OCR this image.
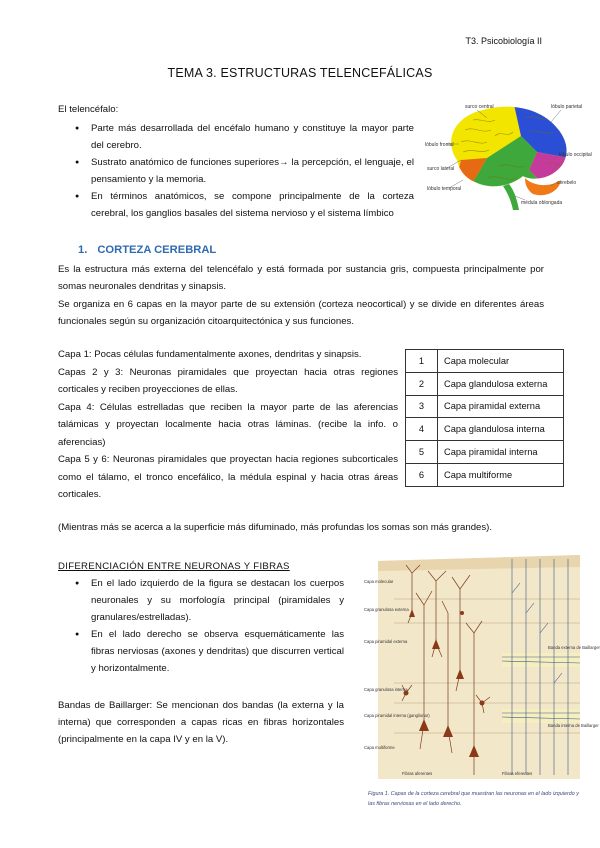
T3. Psicobiología II
TEMA 3. ESTRUCTURAS TELENCEFÁLICAS
El telencéfalo:
● Parte más desarrollada del encéfalo humano y constituye la mayor parte del cerebro.
● Sustrato anatómico de funciones superiores→ la percepción, el lenguaje, el pensamiento y la memoria.
● En términos anatómicos, se compone principalmente de la corteza cerebral, los ganglios basales del sistema nervioso y el sistema límbico
surco central	lóbulo parietal
lóbulo frontal
lóbulo occipital
surco lateral
cerebelo
lóbulo temporal
médula oblongada
1. CORTEZA CEREBRAL
Es la estructura más externa del telencéfalo y está formada por sustancia gris, compuesta principalmente por somas neuronales dendritas y sinapsis.
Se organiza en 6 capas en la mayor parte de su extensión (corteza neocortical) y se divide en diferentes áreas funcionales según su organización citoarquitectónica y sus funciones.
Capa 1: Pocas células fundamentalmente axones, dendritas y sinapsis.
Capas 2 y 3: Neuronas piramidales que proyectan hacia otras regiones corticales y reciben proyecciones de ellas.
Capa 4: Células estrelladas que reciben la mayor parte de las aferencias talámicas y proyectan localmente hacia otras láminas. (recibe la info. o aferencias)
Capa 5 y 6: Neuronas piramidales que proyectan hacia regiones subcorticales como el tálamo, el tronco encefálico, la médula espinal y hacia otras áreas corticales.
1	Capa molecular
2	Capa glandulosa externa
3	Capa piramidal externa
4	Capa glandulosa interna
5	Capa piramidal interna
6	Capa multiforme
(Mientras más se acerca a la superficie más difuminado, más profundas los somas son más grandes).
DIFERENCIACIÓN ENTRE NEURONAS Y FIBRAS
● En el lado izquierdo de la figura se destacan los cuerpos neuronales y su morfología principal (piramidales y granulares/estrelladas).
● En el lado derecho se observa esquemáticamente las fibras nerviosas (axones y dendritas) que discurren vertical y horizontalmente.
Bandas de Baillarger: Se mencionan dos bandas (la externa y la interna) que corresponden a capas ricas en fibras horizontales (principalmente en la capa IV y en la V).
Capa molecular
Capa granulosa externa
Capa piramidal externa
Capa granulosa interna
Capa piramidal interna (ganglionar)
Capa multiforme
Banda externa de Baillarger
Banda interna de Baillarger
Fibras aferentes	Fibras eferentes
Figura 1. Capas de la corteza cerebral que muestran las neuronas en el lado izquierdo y las fibras nerviosas en el lado derecho.
